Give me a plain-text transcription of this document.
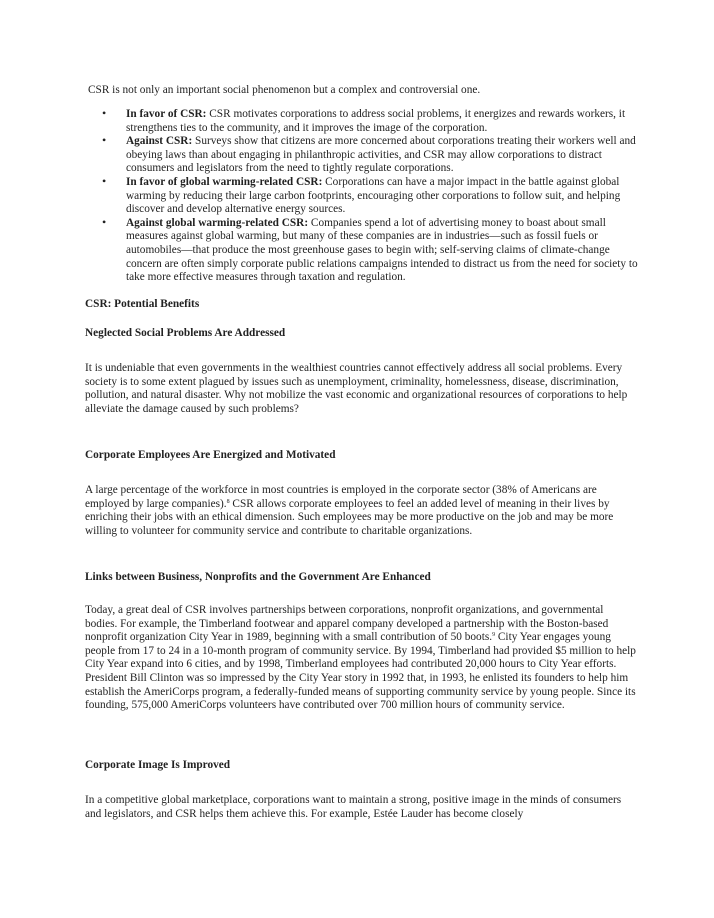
CSR is not only an important social phenomenon but a complex and controversial one.
• In favor of CSR: CSR motivates corporations to address social problems, it energizes and rewards workers, it strengthens ties to the community, and it improves the image of the corporation.
• Against CSR: Surveys show that citizens are more concerned about corporations treating their workers well and obeying laws than about engaging in philanthropic activities, and CSR may allow corporations to distract consumers and legislators from the need to tightly regulate corporations.
• In favor of global warming-related CSR: Corporations can have a major impact in the battle against global warming by reducing their large carbon footprints, encouraging other corporations to follow suit, and helping discover and develop alternative energy sources.
• Against global warming-related CSR: Companies spend a lot of advertising money to boast about small measures against global warming, but many of these companies are in industries—such as fossil fuels or automobiles—that produce the most greenhouse gases to begin with; self-serving claims of climate-change concern are often simply corporate public relations campaigns intended to distract us from the need for society to take more effective measures through taxation and regulation.
CSR: Potential Benefits
Neglected Social Problems Are Addressed
It is undeniable that even governments in the wealthiest countries cannot effectively address all social problems. Every society is to some extent plagued by issues such as unemployment, criminality, homelessness, disease, discrimination, pollution, and natural disaster. Why not mobilize the vast economic and organizational resources of corporations to help alleviate the damage caused by such problems?
Corporate Employees Are Energized and Motivated
A large percentage of the workforce in most countries is employed in the corporate sector (38% of Americans are employed by large companies).$^8$ CSR allows corporate employees to feel an added level of meaning in their lives by enriching their jobs with an ethical dimension. Such employees may be more productive on the job and may be more willing to volunteer for community service and contribute to charitable organizations.
Links between Business, Nonprofits and the Government Are Enhanced
Today, a great deal of CSR involves partnerships between corporations, nonprofit organizations, and governmental bodies. For example, the Timberland footwear and apparel company developed a partnership with the Boston-based nonprofit organization City Year in 1989, beginning with a small contribution of 50 boots.$^9$ City Year engages young people from 17 to 24 in a 10-month program of community service. By 1994, Timberland had provided $5 million to help City Year expand into 6 cities, and by 1998, Timberland employees had contributed 20,000 hours to City Year efforts. President Bill Clinton was so impressed by the City Year story in 1992 that, in 1993, he enlisted its founders to help him establish the AmeriCorps program, a federally-funded means of supporting community service by young people. Since its founding, 575,000 AmeriCorps volunteers have contributed over 700 million hours of community service.
Corporate Image Is Improved
In a competitive global marketplace, corporations want to maintain a strong, positive image in the minds of consumers and legislators, and CSR helps them achieve this. For example, Estée Lauder has become closely
